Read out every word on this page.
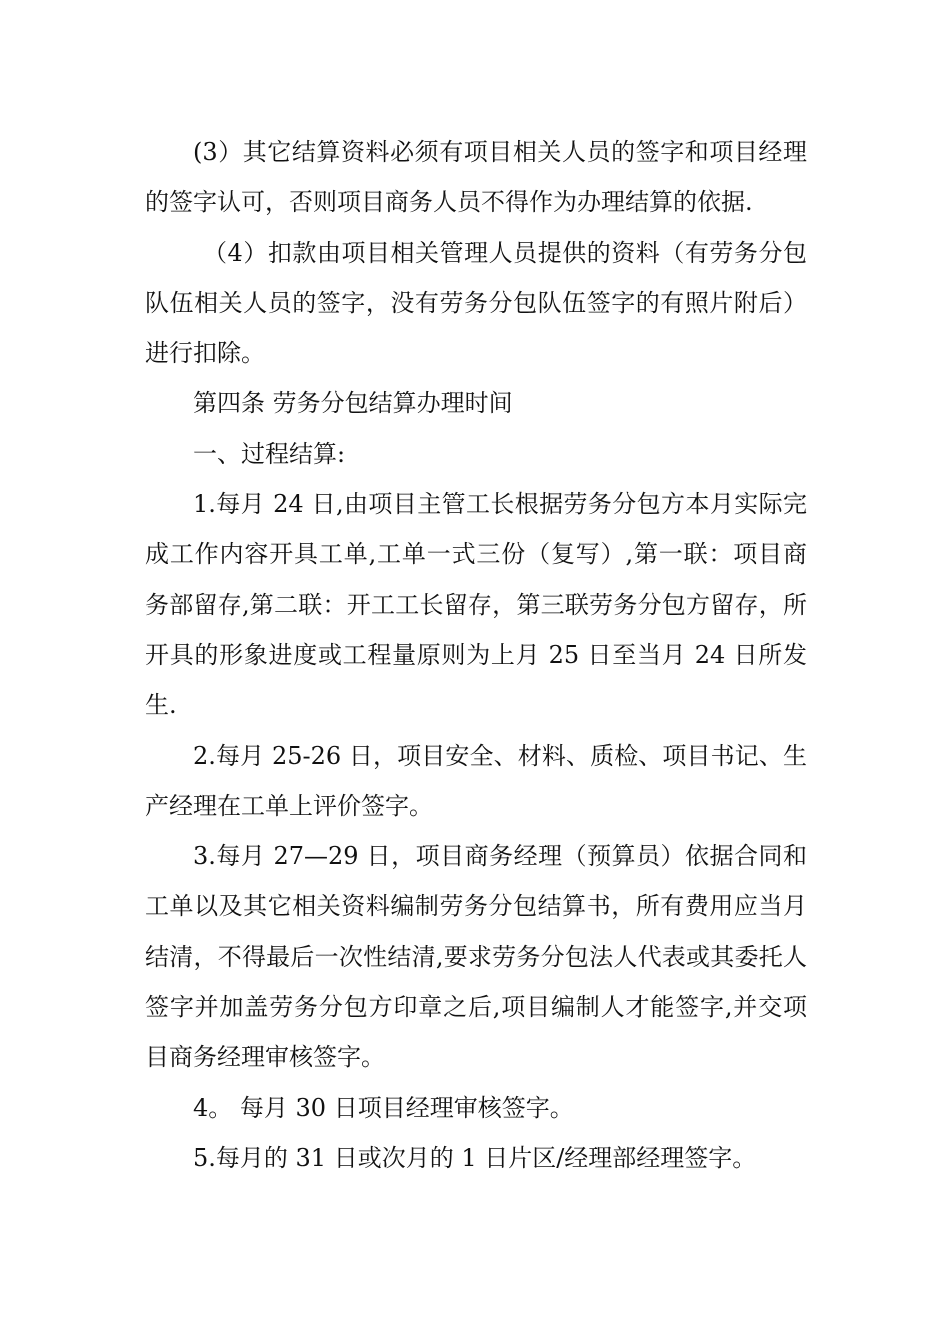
(3）其它结算资料必须有项目相关人员的签字和项目经理的签字认可，否则项目商务人员不得作为办理结算的依据.

（4）扣款由项目相关管理人员提供的资料（有劳务分包队伍相关人员的签字，没有劳务分包队伍签字的有照片附后）进行扣除。

第四条 劳务分包结算办理时间

一、过程结算:

1.每月 24 日,由项目主管工长根据劳务分包方本月实际完成工作内容开具工单,工单一式三份（复写）,第一联：项目商务部留存,第二联：开工工长留存，第三联劳务分包方留存，所开具的形象进度或工程量原则为上月 25 日至当月 24 日所发生.

2.每月 25-26 日，项目安全、材料、质检、项目书记、生产经理在工单上评价签字。

3.每月 27—29 日，项目商务经理（预算员）依据合同和工单以及其它相关资料编制劳务分包结算书，所有费用应当月结清，不得最后一次性结清,要求劳务分包法人代表或其委托人签字并加盖劳务分包方印章之后,项目编制人才能签字,并交项目商务经理审核签字。

4。 每月 30 日项目经理审核签字。

5.每月的 31 日或次月的 1 日片区/经理部经理签字。
